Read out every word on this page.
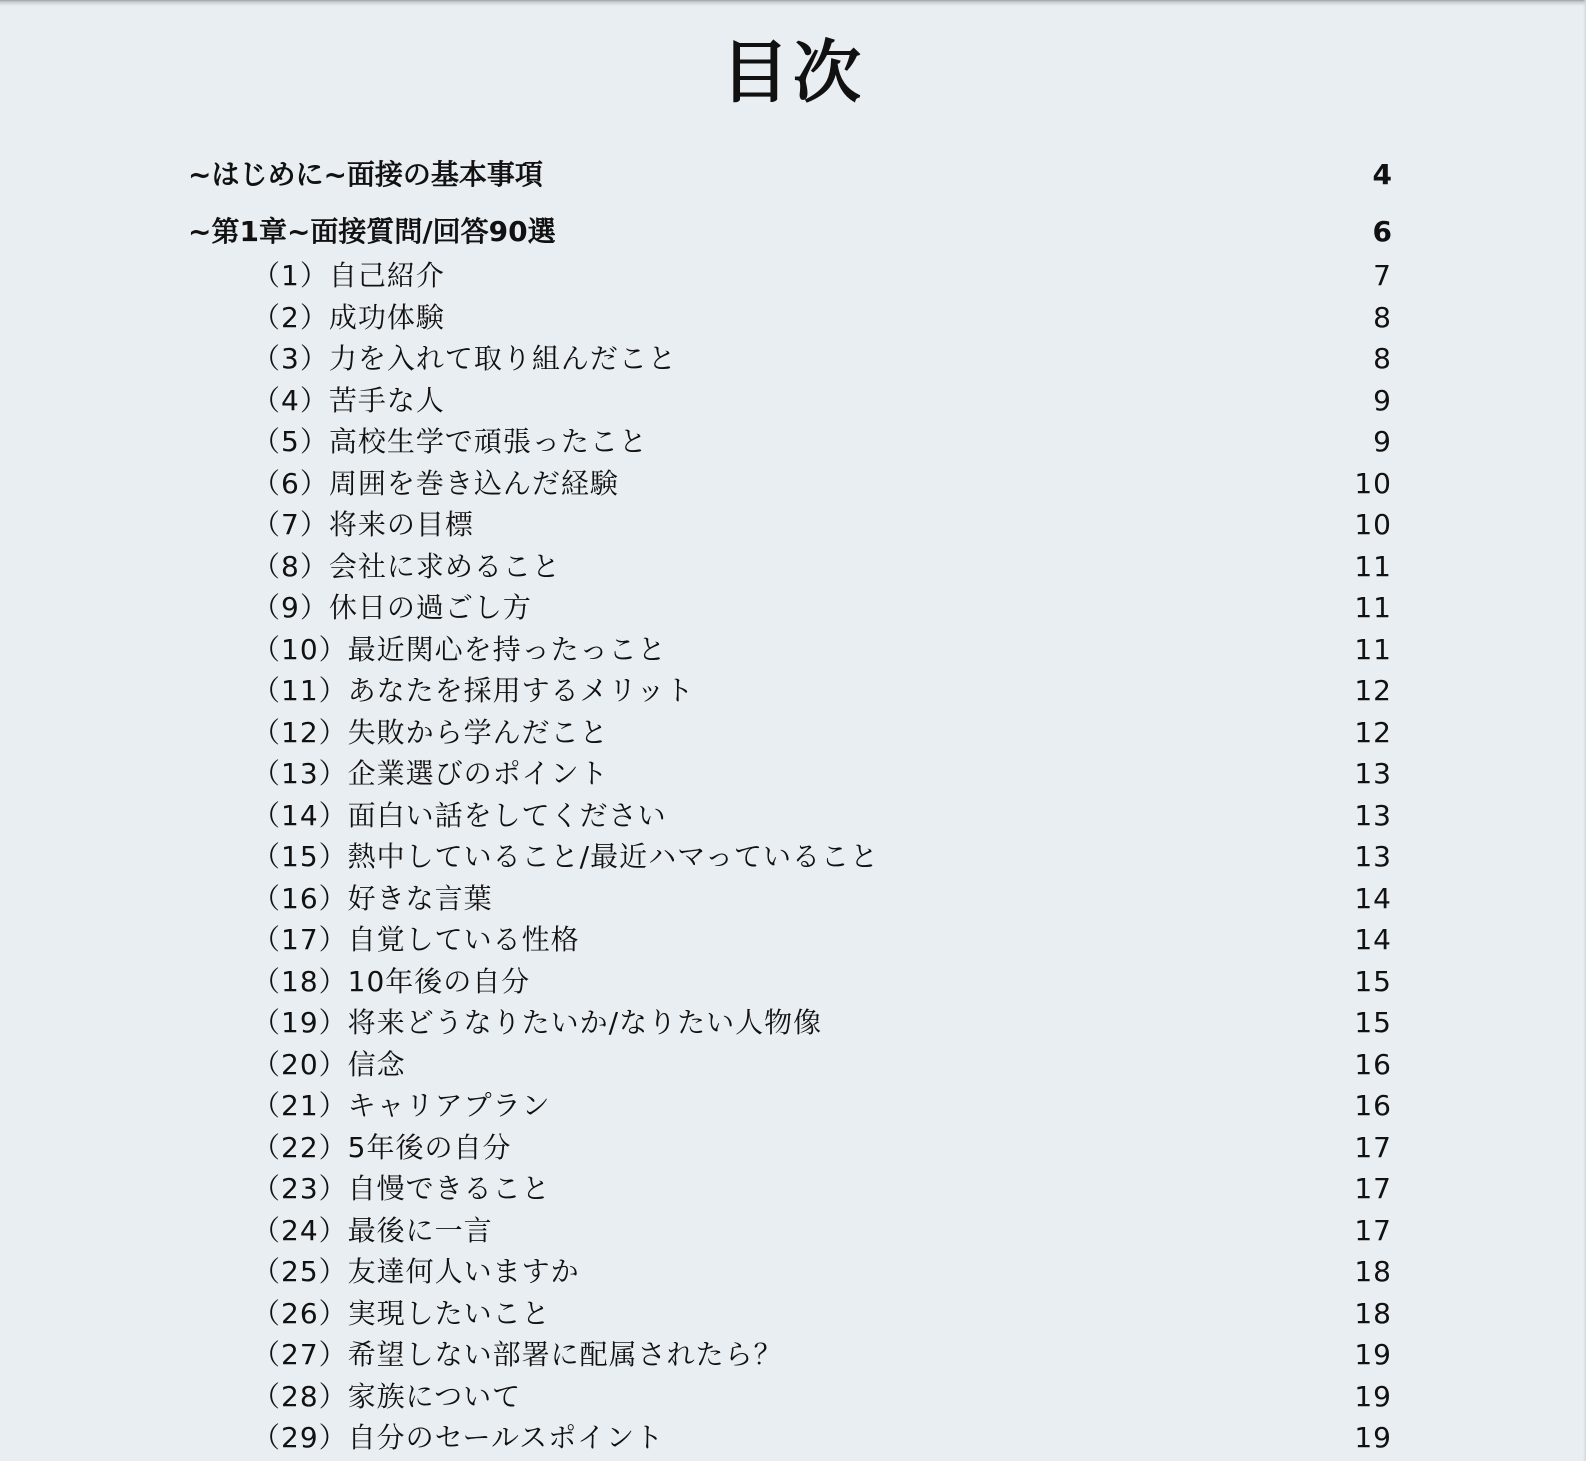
目次
~はじめに~面接の基本事項	4
~第1章~面接質問/回答90選	6
（1）自己紹介	7
（2）成功体験	8
（3）力を入れて取り組んだこと	8
（4）苦手な人	9
（5）高校生学で頑張ったこと	9
（6）周囲を巻き込んだ経験	10
（7）将来の目標	10
（8）会社に求めること	11
（9）休日の過ごし方	11
（10）最近関心を持ったっこと	11
（11）あなたを採用するメリット	12
（12）失敗から学んだこと	12
（13）企業選びのポイント	13
（14）面白い話をしてください	13
（15）熱中していること/最近ハマっていること	13
（16）好きな言葉	14
（17）自覚している性格	14
（18）10年後の自分	15
（19）将来どうなりたいか/なりたい人物像	15
（20）信念	16
（21）キャリアプラン	16
（22）5年後の自分	17
（23）自慢できること	17
（24）最後に一言	17
（25）友達何人いますか	18
（26）実現したいこと	18
（27）希望しない部署に配属されたら？	19
（28）家族について	19
（29）自分のセールスポイント	19
